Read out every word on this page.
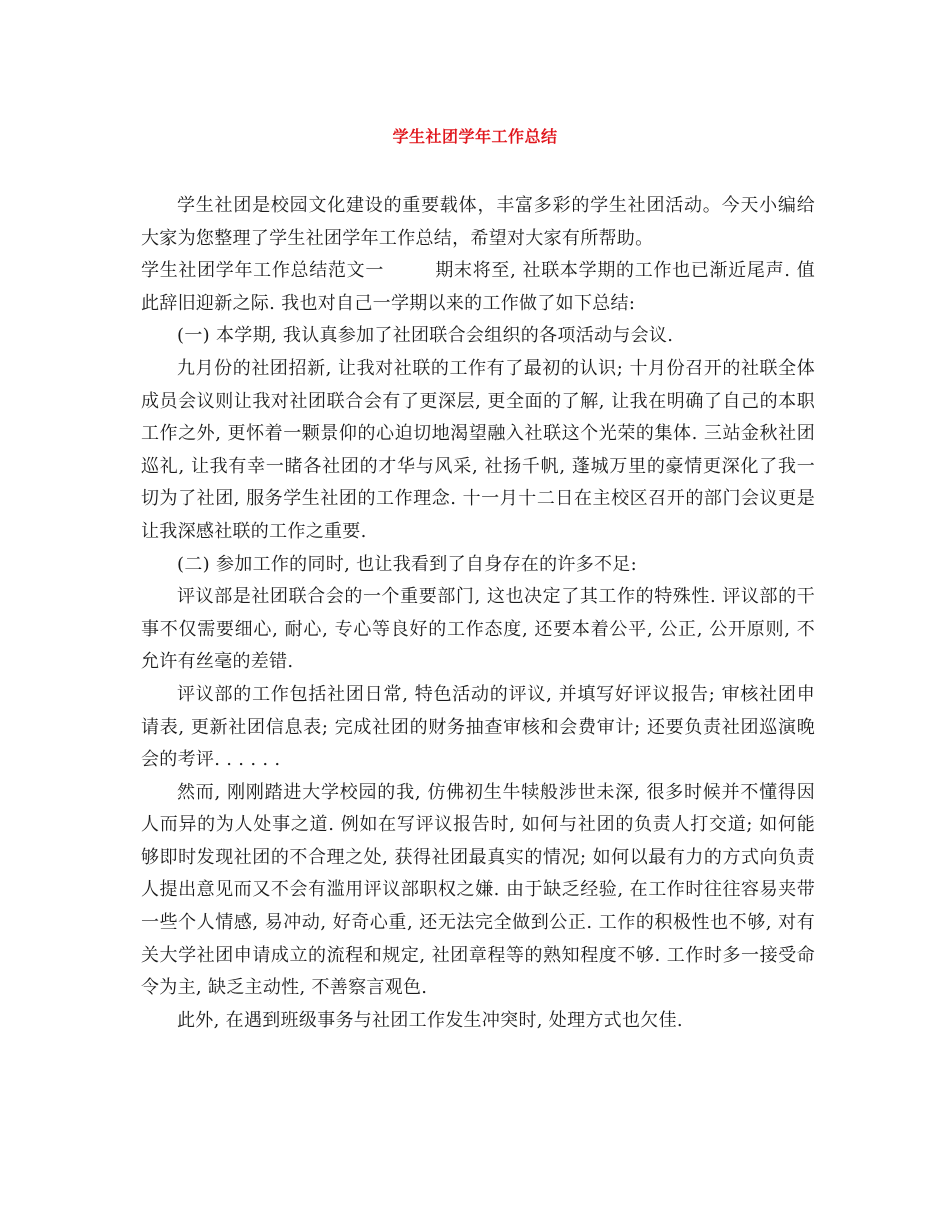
学生社团学年工作总结

学生社团是校园文化建设的重要载体，丰富多彩的学生社团活动。今天小编给大家为您整理了学生社团学年工作总结，希望对大家有所帮助。

学生社团学年工作总结范文一        期末将至, 社联本学期的工作也已渐近尾声. 值此辞旧迎新之际. 我也对自己一学期以来的工作做了如下总结:

(一) 本学期, 我认真参加了社团联合会组织的各项活动与会议.

九月份的社团招新, 让我对社联的工作有了最初的认识; 十月份召开的社联全体成员会议则让我对社团联合会有了更深层, 更全面的了解, 让我在明确了自己的本职工作之外, 更怀着一颗景仰的心迫切地渴望融入社联这个光荣的集体. 三站金秋社团巡礼, 让我有幸一睹各社团的才华与风采, 社扬千帆, 蓬城万里的豪情更深化了我一切为了社团, 服务学生社团的工作理念. 十一月十二日在主校区召开的部门会议更是让我深感社联的工作之重要.

(二) 参加工作的同时, 也让我看到了自身存在的许多不足:

评议部是社团联合会的一个重要部门, 这也决定了其工作的特殊性. 评议部的干事不仅需要细心, 耐心, 专心等良好的工作态度, 还要本着公平, 公正, 公开原则, 不允许有丝毫的差错.

评议部的工作包括社团日常, 特色活动的评议, 并填写好评议报告; 审核社团申请表, 更新社团信息表; 完成社团的财务抽查审核和会费审计; 还要负责社团巡演晚会的考评. . . . . .

然而, 刚刚踏进大学校园的我, 仿佛初生牛犊般涉世未深, 很多时候并不懂得因人而异的为人处事之道. 例如在写评议报告时, 如何与社团的负责人打交道; 如何能够即时发现社团的不合理之处, 获得社团最真实的情况; 如何以最有力的方式向负责人提出意见而又不会有滥用评议部职权之嫌. 由于缺乏经验, 在工作时往往容易夹带一些个人情感, 易冲动, 好奇心重, 还无法完全做到公正. 工作的积极性也不够, 对有关大学社团申请成立的流程和规定, 社团章程等的熟知程度不够. 工作时多一接受命令为主, 缺乏主动性, 不善察言观色.

此外, 在遇到班级事务与社团工作发生冲突时, 处理方式也欠佳.
